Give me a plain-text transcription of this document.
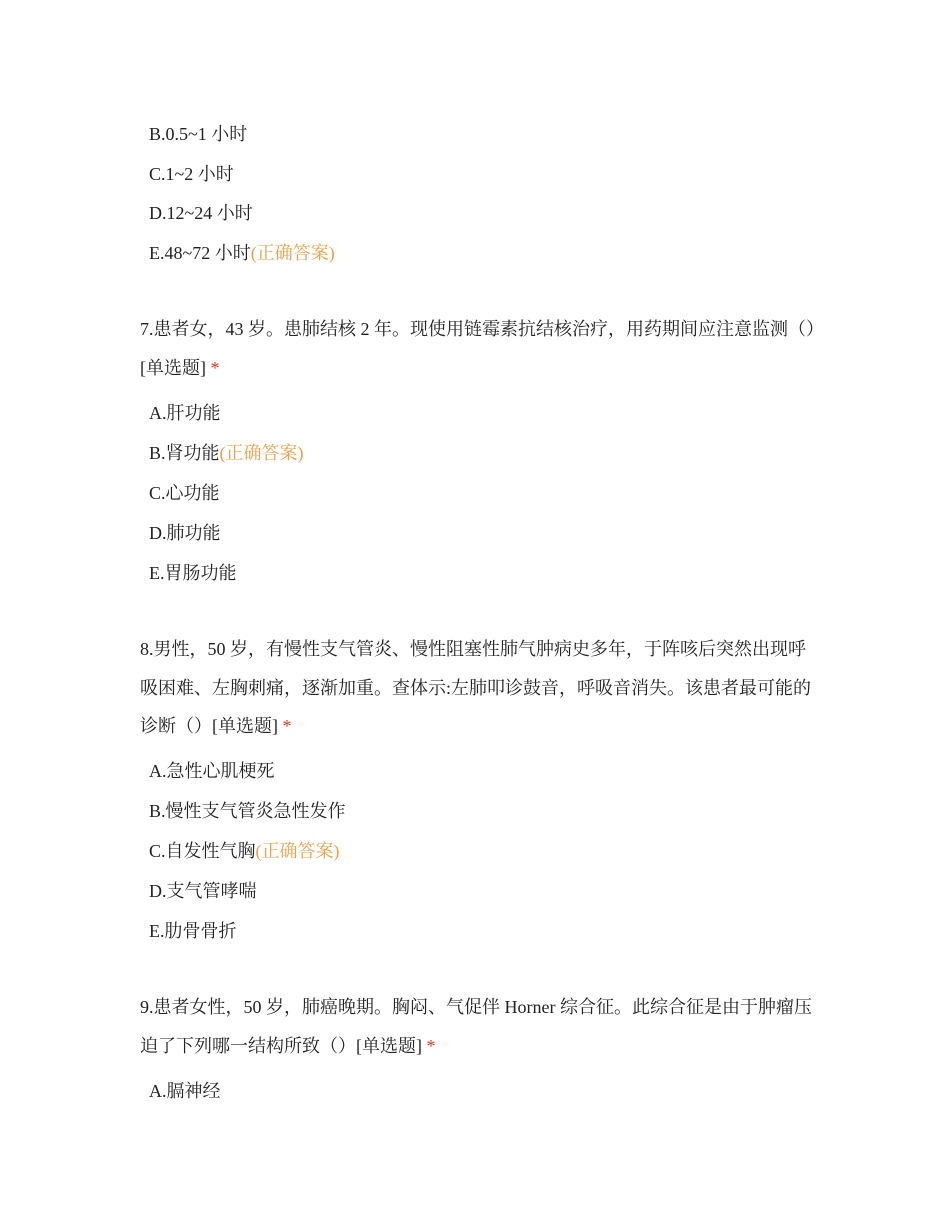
B.0.5~1 小时
C.1~2 小时
D.12~24 小时
E.48~72 小时(正确答案)
7.患者女，43 岁。患肺结核 2 年。现使用链霉素抗结核治疗，用药期间应注意监测（）[单选题] *
A.肝功能
B.肾功能(正确答案)
C.心功能
D.肺功能
E.胃肠功能
8.男性，50 岁，有慢性支气管炎、慢性阻塞性肺气肿病史多年，于阵咳后突然出现呼吸困难、左胸刺痛，逐渐加重。查体示:左肺叩诊鼓音，呼吸音消失。该患者最可能的诊断（）[单选题] *
A.急性心肌梗死
B.慢性支气管炎急性发作
C.自发性气胸(正确答案)
D.支气管哮喘
E.肋骨骨折
9.患者女性，50 岁，肺癌晚期。胸闷、气促伴 Horner 综合征。此综合征是由于肿瘤压迫了下列哪一结构所致（）[单选题] *
A.膈神经
